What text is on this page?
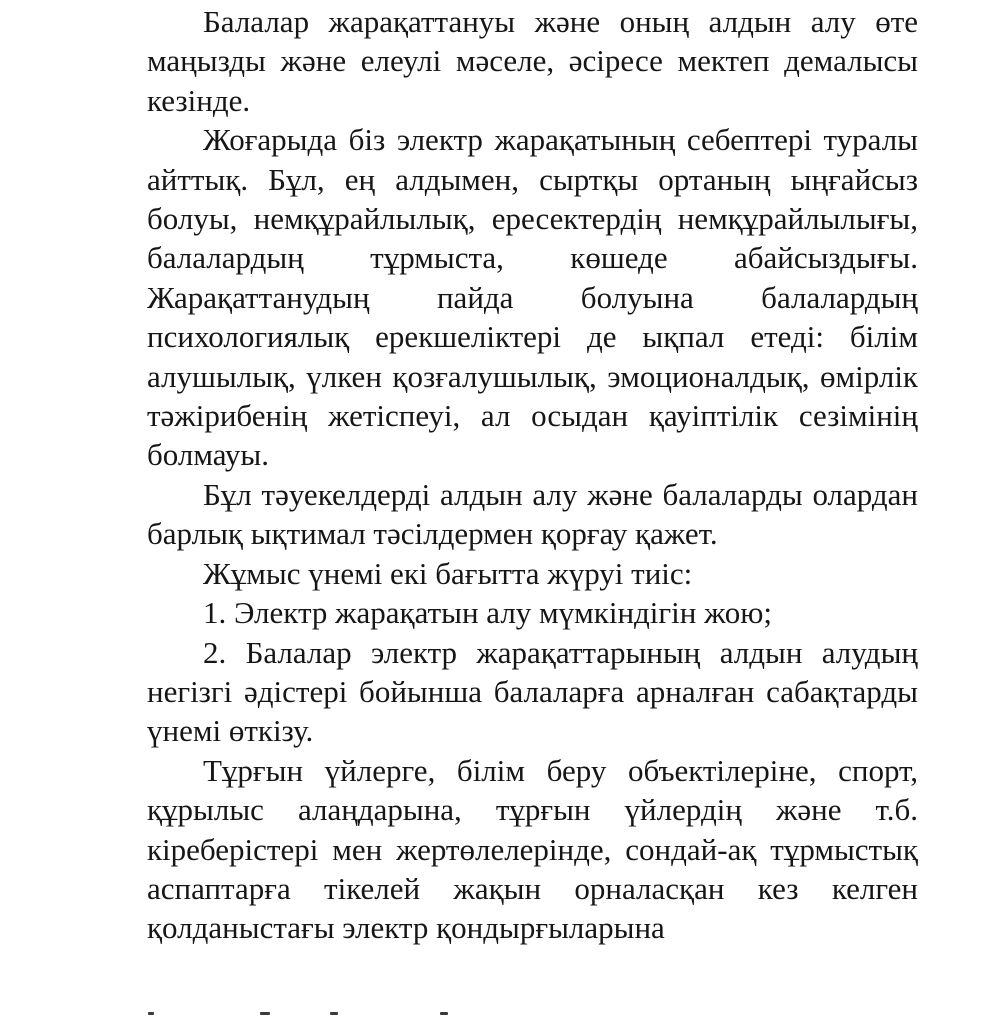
Балалар жарақаттануы және оның алдын алу өте маңызды және елеулі мәселе, әсіресе мектеп демалысы кезінде.

Жоғарыда біз электр жарақатының себептері туралы айттық. Бұл, ең алдымен, сыртқы ортаның ыңғайсыз болуы, немқұрайлылық, ересектердің немқұрайлылығы, балалардың тұрмыста, көшеде абайсыздығы. Жарақаттанудың пайда болуына балалардың психологиялық ерекшеліктері де ықпал етеді: білім алушылық, үлкен қозғалушылық, эмоционалдық, өмірлік тәжірибенің жетіспеуі, ал осыдан қауіптілік сезімінің болмауы.

Бұл тәуекелдерді алдын алу және балаларды олардан барлық ықтимал тәсілдермен қорғау қажет.

Жұмыс үнемі екі бағытта жүруі тиіс:

1. Электр жарақатын алу мүмкіндігін жою;

2. Балалар электр жарақаттарының алдын алудың негізгі әдістері бойынша балаларға арналған сабақтарды үнемі өткізу.

Тұрғын үйлерге, білім беру объектілеріне, спорт, құрылыс алаңдарына, тұрғын үйлердің және т.б. кіреберістері мен жертөлелерінде, сондай-ақ тұрмыстық аспаптарға тікелей жақын орналасқан кез келген қолданыстағы электр қондырғыларына
